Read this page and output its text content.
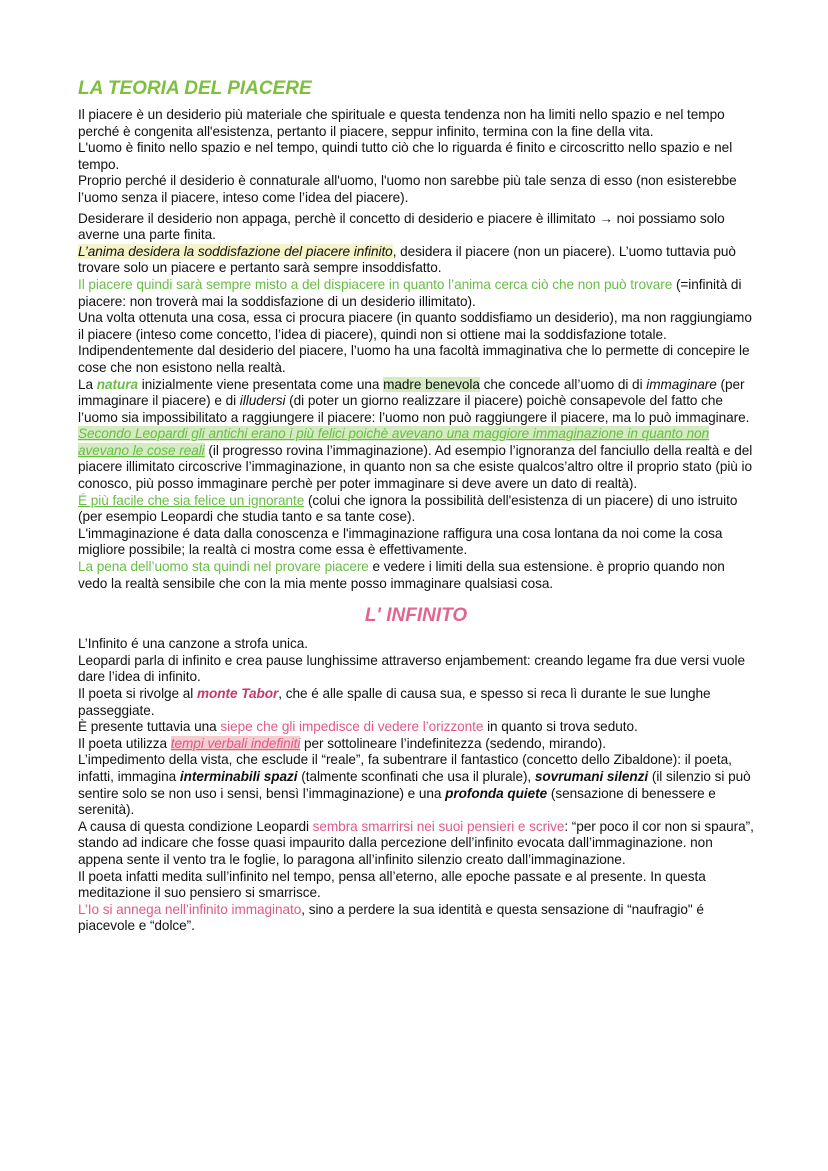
LA TEORIA DEL PIACERE

Il piacere è un desiderio più materiale che spirituale e questa tendenza non ha limiti nello spazio e nel tempo perché è congenita all'esistenza, pertanto il piacere, seppur infinito, termina con la fine della vita.

L'uomo è finito nello spazio e nel tempo, quindi tutto ciò che lo riguarda é finito e circoscritto nello spazio e nel tempo.

Proprio perché il desiderio è connaturale all'uomo, l'uomo non sarebbe più tale senza di esso (non esisterebbe l’uomo senza il piacere, inteso come l’idea del piacere).

Desiderare il desiderio non appaga, perchè il concetto di desiderio e piacere è illimitato → noi possiamo solo averne una parte finita.

L’anima desidera la soddisfazione del piacere infinito, desidera il piacere (non un piacere). L’uomo tuttavia può trovare solo un piacere e pertanto sarà sempre insoddisfatto.

Il piacere quindi sarà sempre misto a del dispiacere in quanto l’anima cerca ciò che non può trovare (=infinità di piacere: non troverà mai la soddisfazione di un desiderio illimitato).

Una volta ottenuta una cosa, essa ci procura piacere (in quanto soddisfiamo un desiderio), ma non raggiungiamo il piacere (inteso come concetto, l’idea di piacere), quindi non si ottiene mai la soddisfazione totale.

Indipendentemente dal desiderio del piacere, l’uomo ha una facoltà immaginativa che lo permette di concepire le cose che non esistono nella realtà.

La natura inizialmente viene presentata come una madre benevola che concede all’uomo di di immaginare (per immaginare il piacere) e di illudersi (di poter un giorno realizzare il piacere) poichè consapevole del fatto che l’uomo sia impossibilitato a raggiungere il piacere: l’uomo non può raggiungere il piacere, ma lo può immaginare.

Secondo Leopardi gli antichi erano i più felici poichè avevano una maggiore immaginazione in quanto non avevano le cose reali (il progresso rovina l’immaginazione). Ad esempio l’ignoranza del fanciullo della realtà e del piacere illimitato circoscrive l’immaginazione, in quanto non sa che esiste qualcos’altro oltre il proprio stato (più io conosco, più posso immaginare perchè per poter immaginare si deve avere un dato di realtà).

É più facile che sia felice un ignorante (colui che ignora la possibilità dell'esistenza di un piacere) di uno istruito (per esempio Leopardi che studia tanto e sa tante cose).

L'immaginazione é data dalla conoscenza e l'immaginazione raffigura una cosa lontana da noi come la cosa migliore possibile; la realtà ci mostra come essa è effettivamente.

La pena dell’uomo sta quindi nel provare piacere e vedere i limiti della sua estensione. è proprio quando non vedo la realtà sensibile che con la mia mente posso immaginare qualsiasi cosa.

L' INFINITO

L’Infinito é una canzone a strofa unica.

Leopardi parla di infinito e crea pause lunghissime attraverso enjambement: creando legame fra due versi vuole dare l’idea di infinito.

Il poeta si rivolge al monte Tabor, che é alle spalle di causa sua, e spesso si reca lì durante le sue lunghe passeggiate.

È presente tuttavia una siepe che gli impedisce di vedere l’orizzonte in quanto si trova seduto.

Il poeta utilizza tempi verbali indefiniti per sottolineare l’indefinitezza (sedendo, mirando).

L’impedimento della vista, che esclude il “reale”, fa subentrare il fantastico (concetto dello Zibaldone): il poeta, infatti, immagina interminabili spazi (talmente sconfinati che usa il plurale), sovrumani silenzi (il silenzio si può sentire solo se non uso i sensi, bensì l’immaginazione) e una profonda quiete (sensazione di benessere e serenità).

A causa di questa condizione Leopardi sembra smarrirsi nei suoi pensieri e scrive: “per poco il cor non si spaura”, stando ad indicare che fosse quasi impaurito dalla percezione dell’infinito evocata dall’immaginazione. non appena sente il vento tra le foglie, lo paragona all’infinito silenzio creato dall’immaginazione.

Il poeta infatti medita sull’infinito nel tempo, pensa all’eterno, alle epoche passate e al presente. In questa meditazione il suo pensiero si smarrisce.

L’Io si annega nell’infinito immaginato, sino a perdere la sua identità e questa sensazione di “naufragio" é piacevole e “dolce”.
